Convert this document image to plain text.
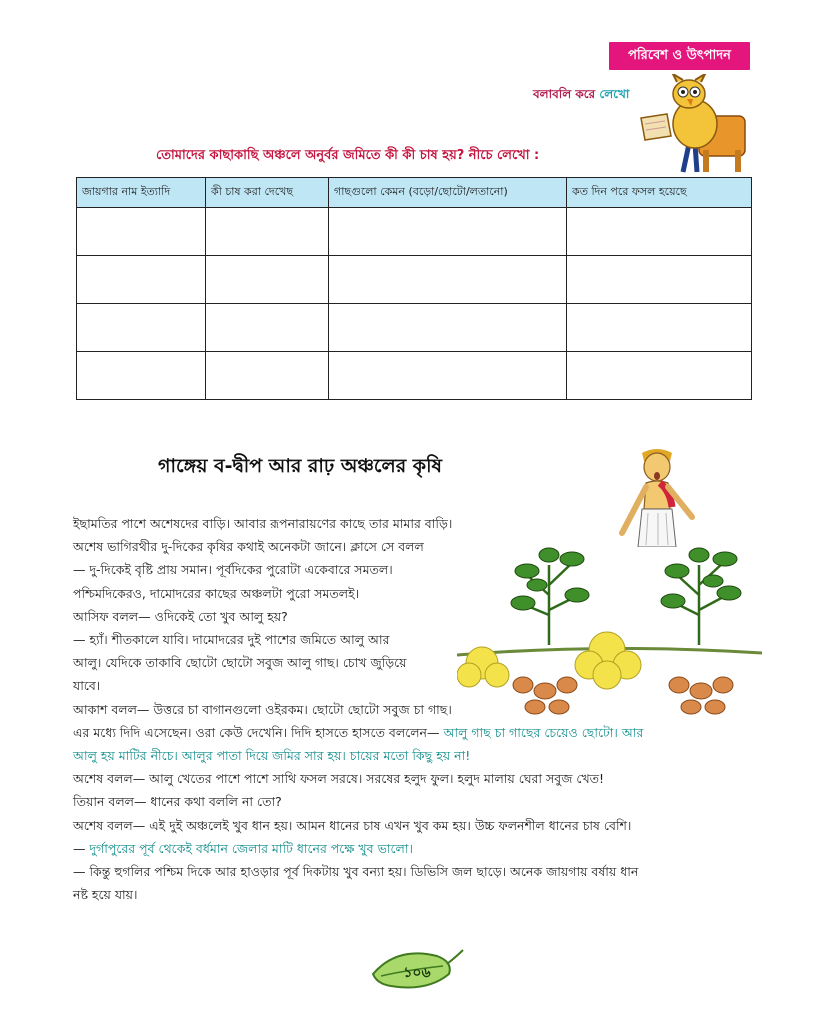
পরিবেশ ও উৎপাদন
বলাবলি করে লেখো
তোমাদের কাছাকাছি অঞ্চলে অনুর্বর জমিতে কী কী চাষ হয়? নীচে লেখো :
জায়গার নাম ইত্যাদি	কী চাষ করা দেখেছ	গাছগুলো কেমন (বড়ো/ছোটো/লতানো)	কত দিন পরে ফসল হয়েছে

গাঙ্গেয় ব-দ্বীপ আর রাঢ় অঞ্চলের কৃষি

ইছামতির পাশে অশেষদের বাড়ি। আবার রূপনারায়ণের কাছে তার মামার বাড়ি।

অশেষ ভাগিরথীর দু-দিকের কৃষির কথাই অনেকটা জানে। ক্লাসে সে বলল

— দু-দিকেই বৃষ্টি প্রায় সমান। পূর্বদিকের পুরোটা একেবারে সমতল।

পশ্চিমদিকেরও, দামোদরের কাছের অঞ্চলটা পুরো সমতলই।

আসিফ বলল— ওদিকেই তো খুব আলু হয়?

— হ্যাঁ। শীতকালে যাবি। দামোদরের দুই পাশের জমিতে আলু আর

আলু। যেদিকে তাকাবি ছোটো ছোটো সবুজ আলু গাছ। চোখ জুড়িয়ে

যাবে।

আকাশ বলল— উত্তরে চা বাগানগুলো ওইরকম। ছোটো ছোটো সবুজ চা গাছ।

এর মধ্যে দিদি এসেছেন। ওরা কেউ দেখেনি। দিদি হাসতে হাসতে বললেন— আলু গাছ চা গাছের চেয়েও ছোটো। আর

আলু হয় মাটির নীচে। আলুর পাতা দিয়ে জমির সার হয়। চায়ের মতো কিছু হয় না!

অশেষ বলল— আলু খেতের পাশে পাশে সাথি ফসল সরষে। সরষের হলুদ ফুল। হলুদ মালায় ঘেরা সবুজ খেত!

তিয়ান বলল— ধানের কথা বললি না তো?

অশেষ বলল— এই দুই অঞ্চলেই খুব ধান হয়। আমন ধানের চাষ এখন খুব কম হয়। উচ্চ ফলনশীল ধানের চাষ বেশি।

— দুর্গাপুরের পূর্ব থেকেই বর্ধমান জেলার মাটি ধানের পক্ষে খুব ভালো।

— কিন্তু হুগলির পশ্চিম দিকে আর হাওড়ার পূর্ব দিকটায় খুব বন্যা হয়। ডিভিসি জল ছাড়ে। অনেক জায়গায় বর্ষায় ধান

নষ্ট হয়ে যায়।

১০৬
